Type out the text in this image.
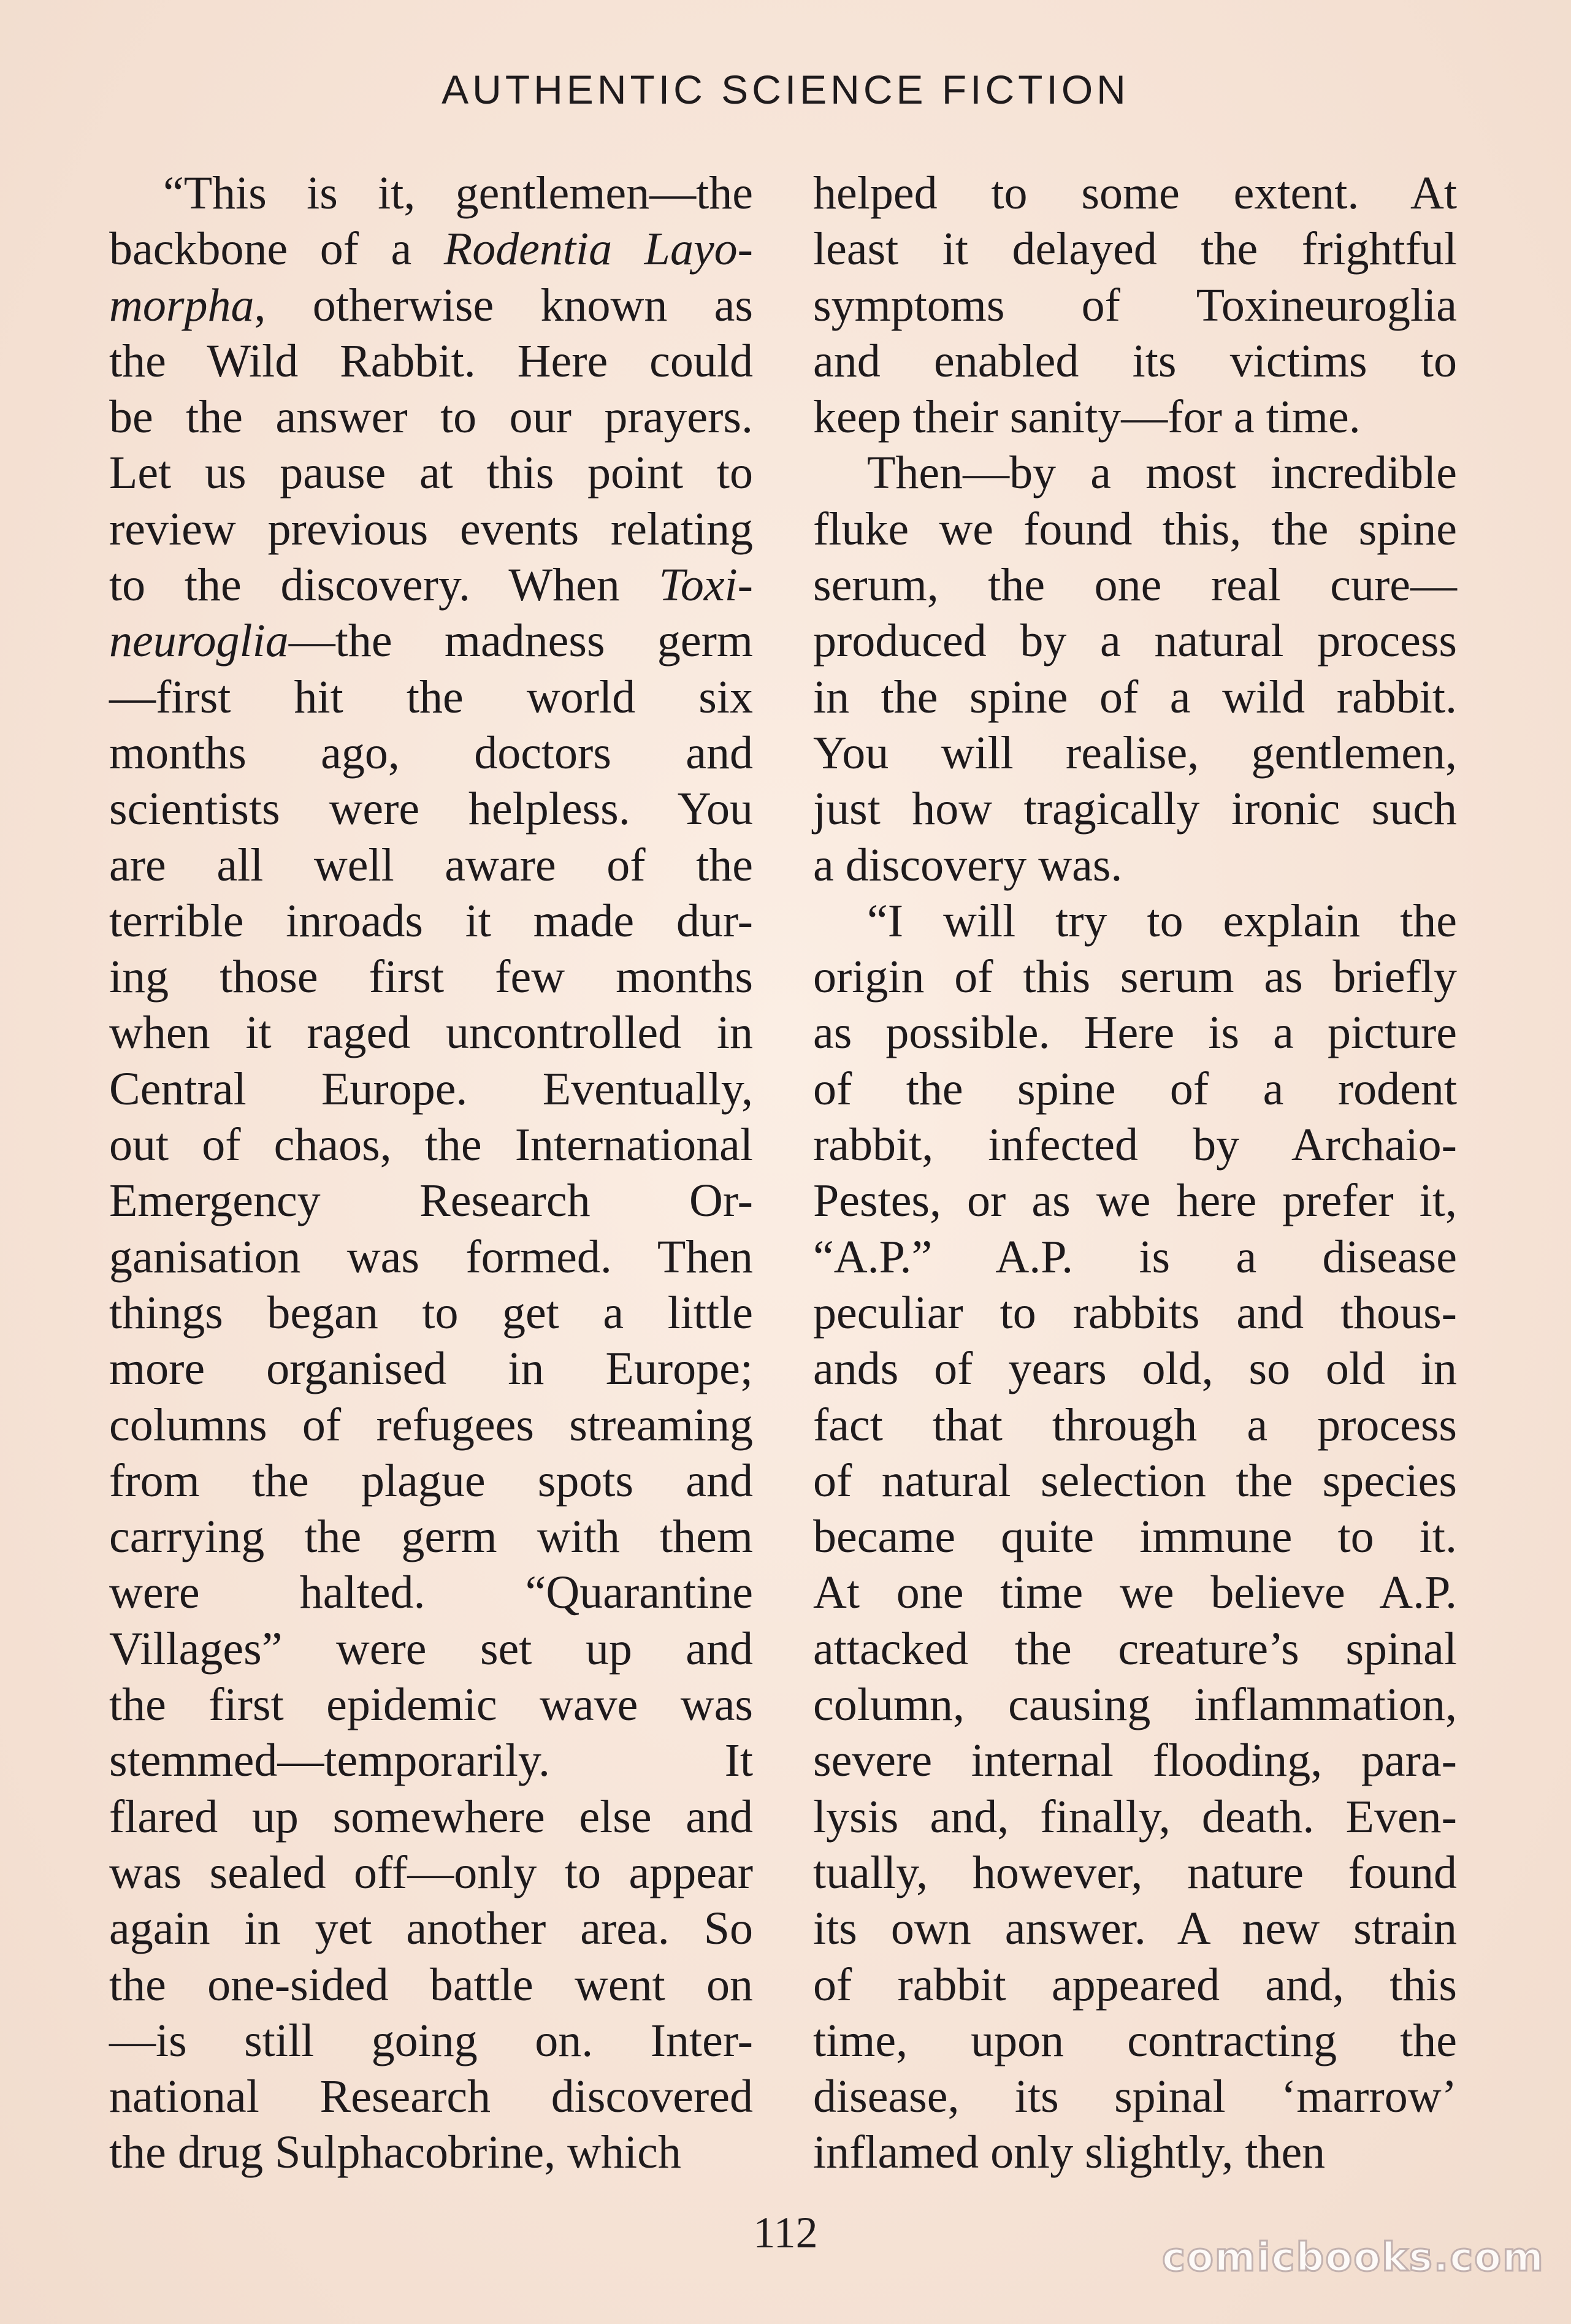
AUTHENTIC SCIENCE FICTION
“This is it, gentlemen—the
backbone of a Rodentia Layo-
morpha, otherwise known as
the Wild Rabbit. Here could
be the answer to our prayers.
Let us pause at this point to
review previous events relating
to the discovery. When Toxi-
neuroglia—the madness germ
—first hit the world six
months ago, doctors and
scientists were helpless. You
are all well aware of the
terrible inroads it made dur-
ing those first few months
when it raged uncontrolled in
Central Europe. Eventually,
out of chaos, the International
Emergency Research Or-
ganisation was formed. Then
things began to get a little
more organised in Europe;
columns of refugees streaming
from the plague spots and
carrying the germ with them
were halted. “Quarantine
Villages” were set up and
the first epidemic wave was
stemmed—temporarily. It
flared up somewhere else and
was sealed off—only to appear
again in yet another area. So
the one-sided battle went on
—is still going on. Inter-
national Research discovered
the drug Sulphacobrine, which
helped to some extent. At
least it delayed the frightful
symptoms of Toxineuroglia
and enabled its victims to
keep their sanity—for a time.
Then—by a most incredible
fluke we found this, the spine
serum, the one real cure—
produced by a natural process
in the spine of a wild rabbit.
You will realise, gentlemen,
just how tragically ironic such
a discovery was.
“I will try to explain the
origin of this serum as briefly
as possible. Here is a picture
of the spine of a rodent
rabbit, infected by Archaio-
Pestes, or as we here prefer it,
“A.P.” A.P. is a disease
peculiar to rabbits and thous-
ands of years old, so old in
fact that through a process
of natural selection the species
became quite immune to it.
At one time we believe A.P.
attacked the creature’s spinal
column, causing inflammation,
severe internal flooding, para-
lysis and, finally, death. Even-
tually, however, nature found
its own answer. A new strain
of rabbit appeared and, this
time, upon contracting the
disease, its spinal ‘marrow’
inflamed only slightly, then
112
comicbooks.com
